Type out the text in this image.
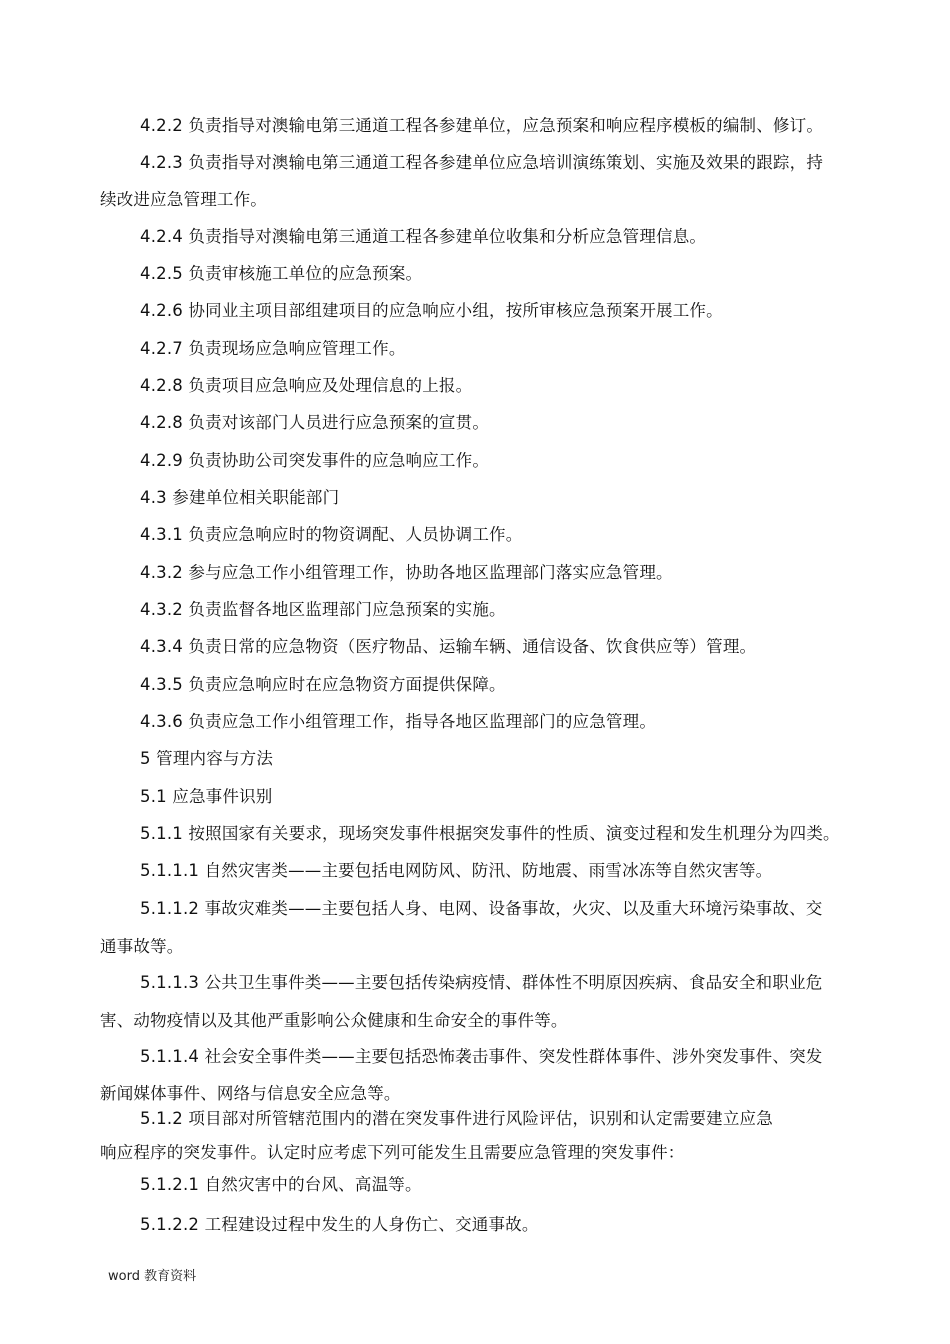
4.2.2 负责指导对澳输电第三通道工程各参建单位，应急预案和响应程序模板的编制、修订。
4.2.3 负责指导对澳输电第三通道工程各参建单位应急培训演练策划、实施及效果的跟踪，持
续改进应急管理工作。
4.2.4 负责指导对澳输电第三通道工程各参建单位收集和分析应急管理信息。
4.2.5 负责审核施工单位的应急预案。
4.2.6 协同业主项目部组建项目的应急响应小组，按所审核应急预案开展工作。
4.2.7 负责现场应急响应管理工作。
4.2.8 负责项目应急响应及处理信息的上报。
4.2.8 负责对该部门人员进行应急预案的宣贯。
4.2.9 负责协助公司突发事件的应急响应工作。
4.3 参建单位相关职能部门
4.3.1 负责应急响应时的物资调配、人员协调工作。
4.3.2 参与应急工作小组管理工作，协助各地区监理部门落实应急管理。
4.3.2 负责监督各地区监理部门应急预案的实施。
4.3.4 负责日常的应急物资（医疗物品、运输车辆、通信设备、饮食供应等）管理。
4.3.5 负责应急响应时在应急物资方面提供保障。
4.3.6 负责应急工作小组管理工作，指导各地区监理部门的应急管理。
5 管理内容与方法
5.1 应急事件识别
5.1.1 按照国家有关要求，现场突发事件根据突发事件的性质、演变过程和发生机理分为四类。
5.1.1.1 自然灾害类——主要包括电网防风、防汛、防地震、雨雪冰冻等自然灾害等。
5.1.1.2 事故灾难类——主要包括人身、电网、设备事故，火灾、以及重大环境污染事故、交
通事故等。
5.1.1.3 公共卫生事件类——主要包括传染病疫情、群体性不明原因疾病、食品安全和职业危
害、动物疫情以及其他严重影响公众健康和生命安全的事件等。
5.1.1.4 社会安全事件类——主要包括恐怖袭击事件、突发性群体事件、涉外突发事件、突发
新闻媒体事件、网络与信息安全应急等。
5.1.2 项目部对所管辖范围内的潜在突发事件进行风险评估，识别和认定需要建立应急
响应程序的突发事件。认定时应考虑下列可能发生且需要应急管理的突发事件：
5.1.2.1 自然灾害中的台风、高温等。
5.1.2.2 工程建设过程中发生的人身伤亡、交通事故。
word 教育资料
